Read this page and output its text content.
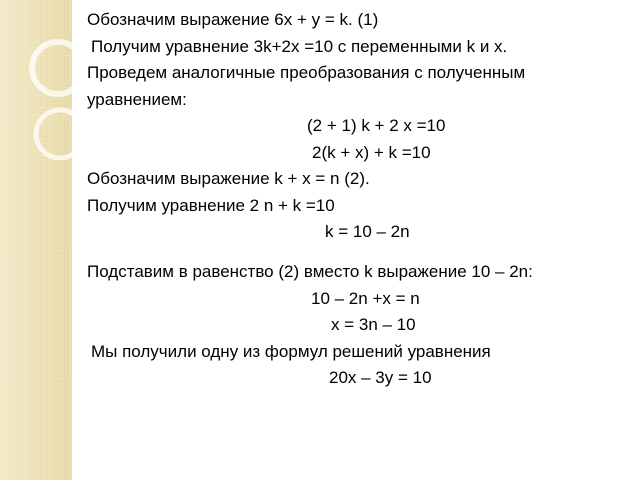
Обозначим выражение 6x + y = k. (1)
Получим уравнение 3k+2x =10 с переменными k и x.
Проведем аналогичные преобразования с полученным
уравнением:
(2 + 1) k + 2 x =10
2(k + x) + k =10
Обозначим выражение k + x = n (2).
Получим уравнение 2 n + k =10
k = 10 – 2n
Подставим в равенство (2) вместо k выражение 10 – 2n:
10 – 2n +x = n
x = 3n – 10
Мы получили одну из формул решений уравнения
20x – 3y = 10
